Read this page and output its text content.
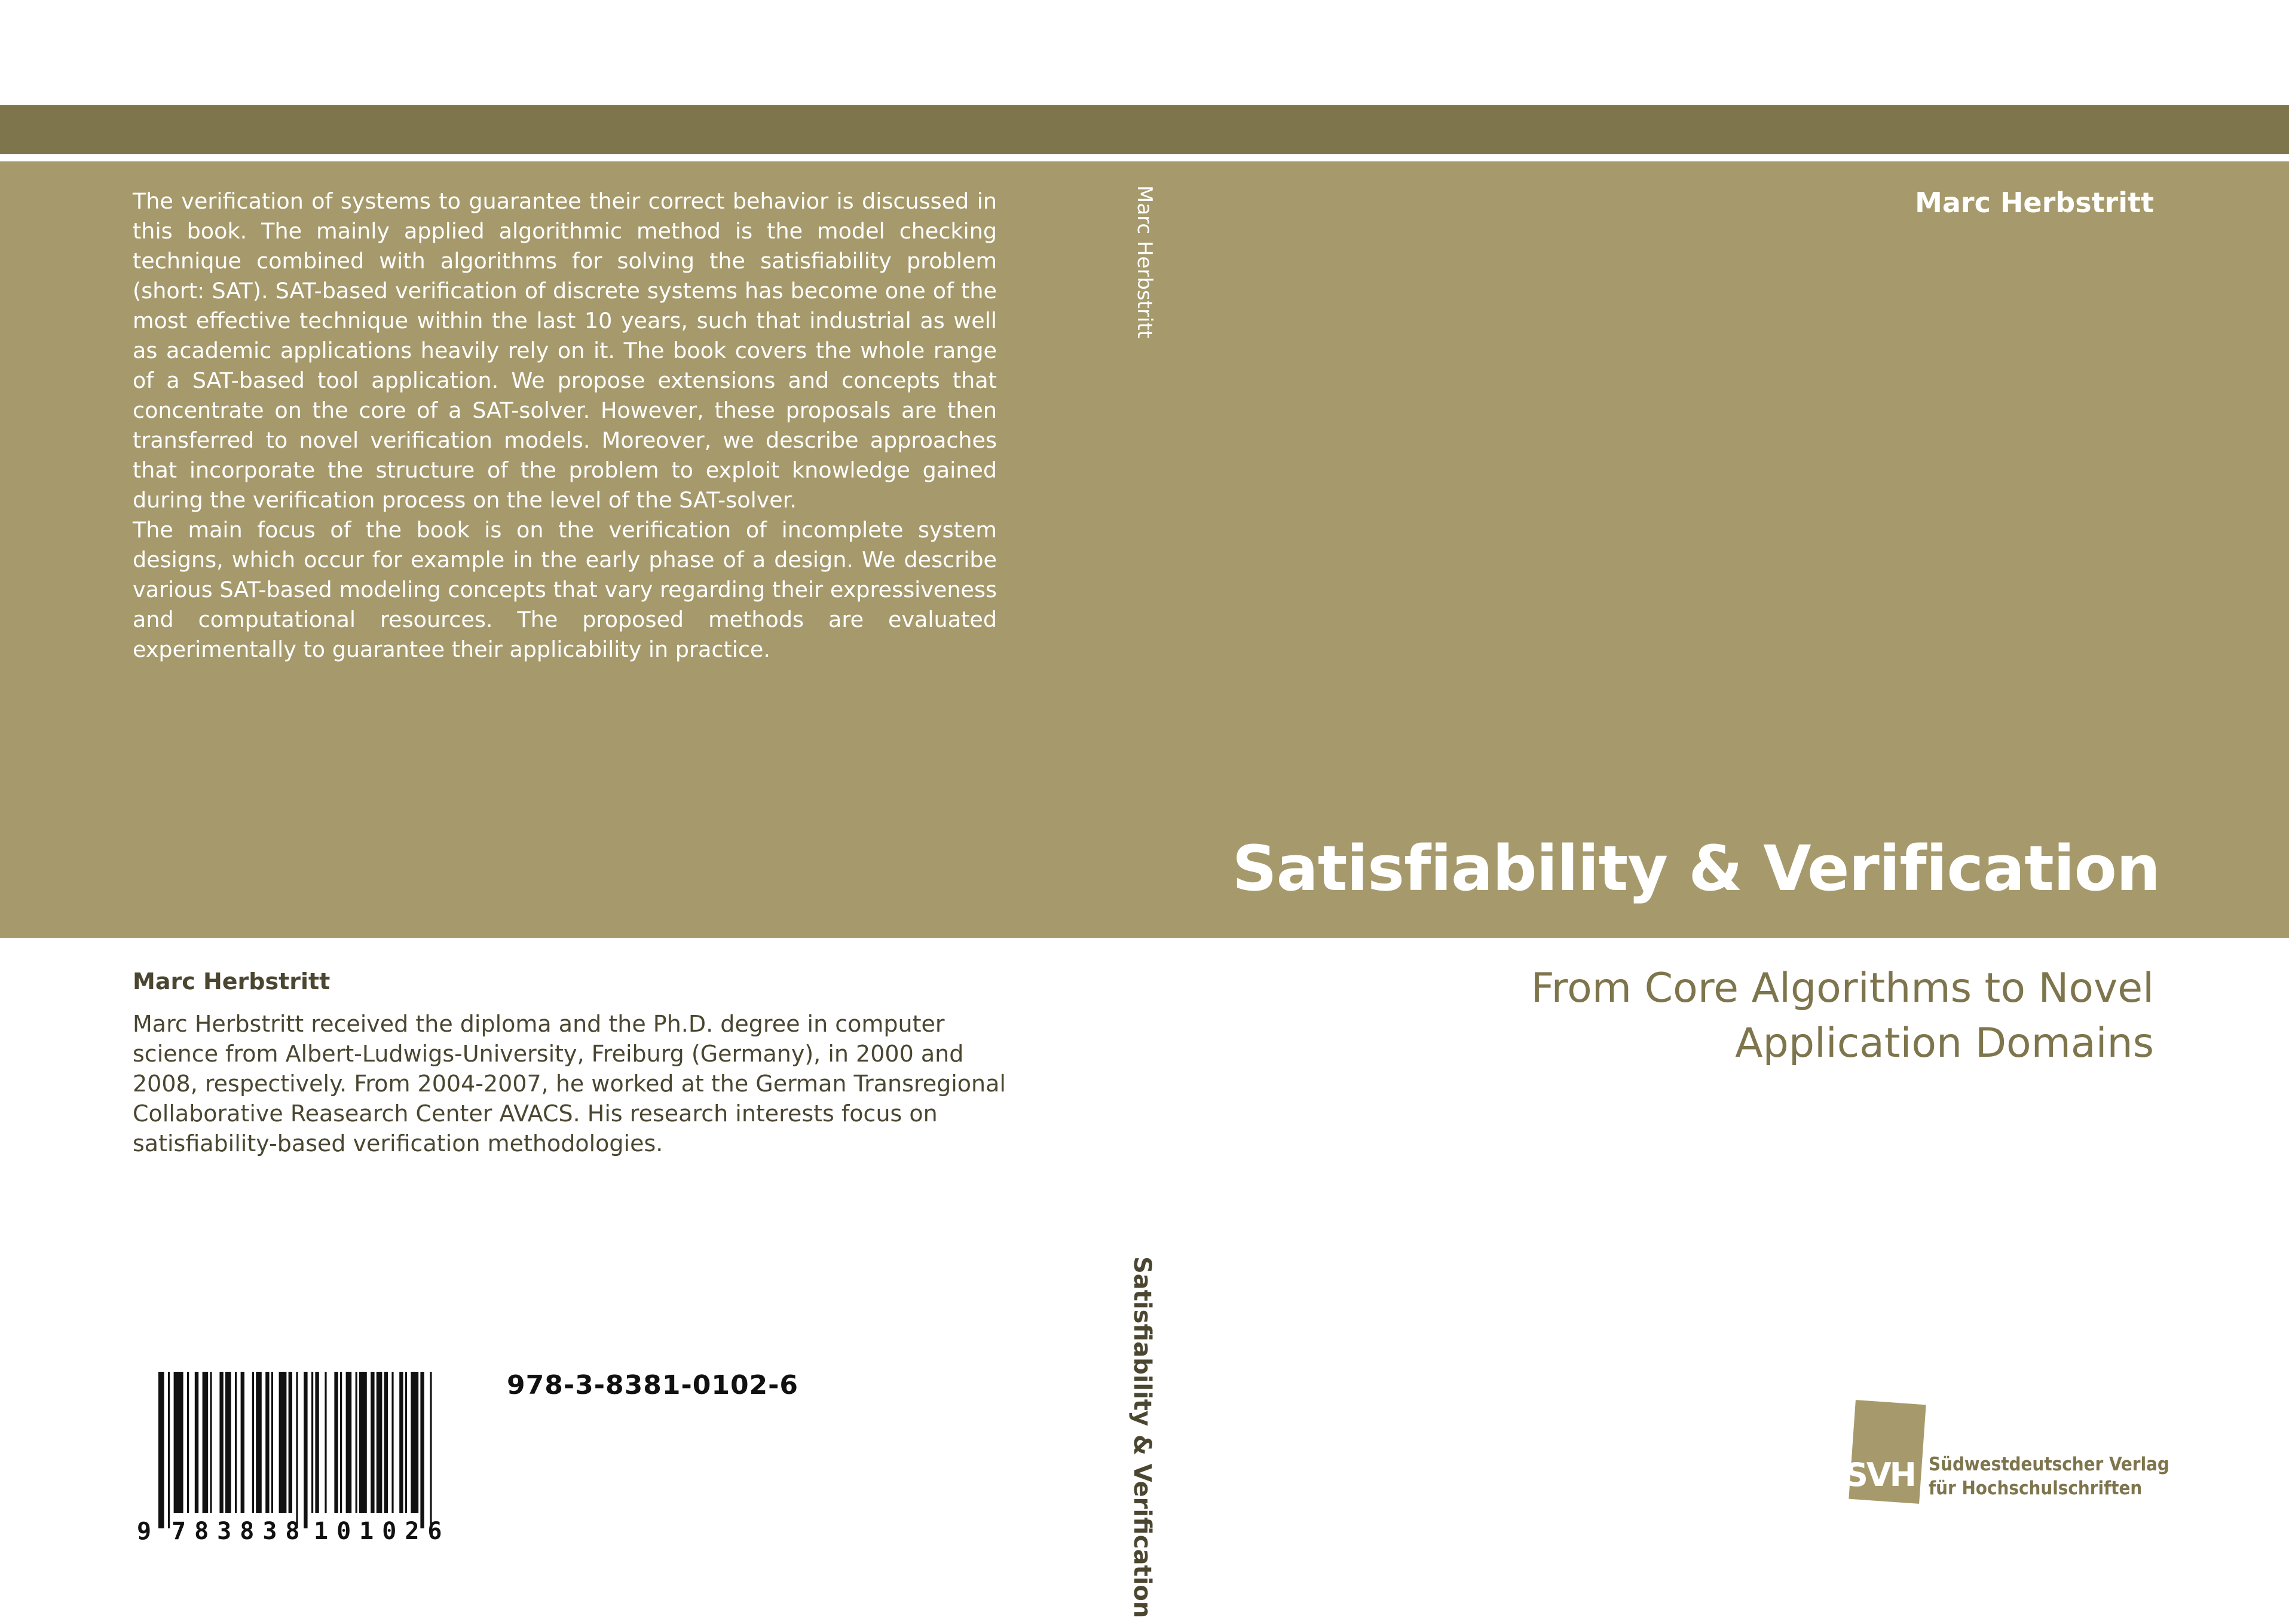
The verification of systems to guarantee their correct behavior is discussed in this book. The mainly applied algorithmic method is the model checking technique combined with algorithms for solving the satisfiability problem (short: SAT). SAT-based verification of discrete systems has become one of the most effective technique within the last 10 years, such that industrial as well as academic applications heavily rely on it. The book covers the whole range of a SAT-based tool application. We propose extensions and concepts that concentrate on the core of a SAT-solver. However, these proposals are then transferred to novel verification models. Moreover, we describe approaches that incorporate the structure of the problem to exploit knowledge gained during the verification process on the level of the SAT-solver.

The main focus of the book is on the verification of incomplete system designs, which occur for example in the early phase of a design. We describe various SAT-based modeling concepts that vary regarding their expressiveness and computational resources. The proposed methods are evaluated experimentally to guarantee their applicability in practice.

Marc Herbstritt

Marc Herbstritt received the diploma and the Ph.D. degree in computer science from Albert-Ludwigs-University, Freiburg (Germany), in 2000 and 2008, respectively. From 2004-2007, he worked at the German Transregional Collaborative Reasearch Center AVACS. His research interests focus on satisfiability-based verification methodologies.

9 783838 101026
978-3-8381-0102-6
Marc Herbstritt
Satisfiability & Verification
Marc Herbstritt
Satisfiability & Verification
From Core Algorithms to Novel
Application Domains
SVH Südwestdeutscher Verlag
für Hochschulschriften
